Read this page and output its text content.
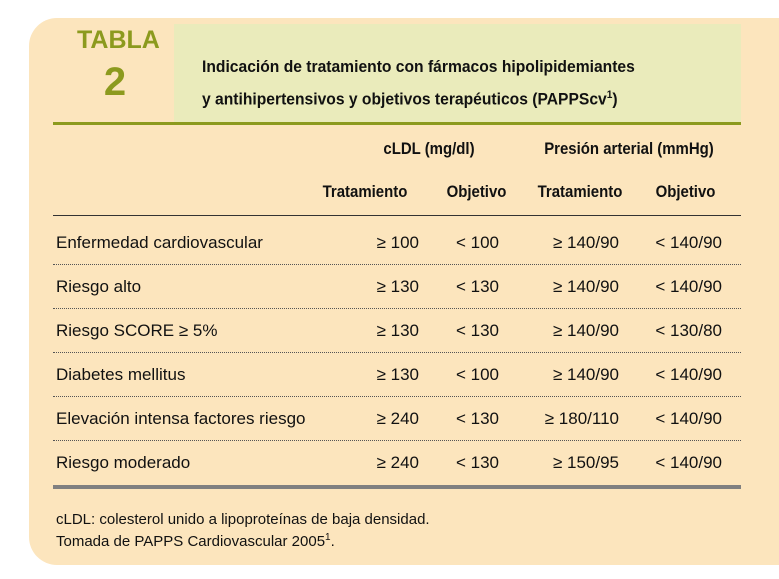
TABLA
2	Indicación de tratamiento con fármacos hipolipidemiantes
y antihipertensivos y objetivos terapéuticos (PAPPScv$^1$)
cLDL (mg/dl)	Presión arterial (mmHg)
Tratamiento	Objetivo	Tratamiento	Objetivo
Enfermedad cardiovascular	≥ 100	< 100	≥ 140/90	< 140/90
Riesgo alto	≥ 130	< 130	≥ 140/90	< 140/90
Riesgo SCORE ≥ 5%	≥ 130	< 130	≥ 140/90	< 130/80
Diabetes mellitus	≥ 130	< 100	≥ 140/90	< 140/90
Elevación intensa factores riesgo	≥ 240	< 130	≥ 180/110	< 140/90
Riesgo moderado	≥ 240	< 130	≥ 150/95	< 140/90
cLDL: colesterol unido a lipoproteínas de baja densidad.
Tomada de PAPPS Cardiovascular 2005$^1$.
